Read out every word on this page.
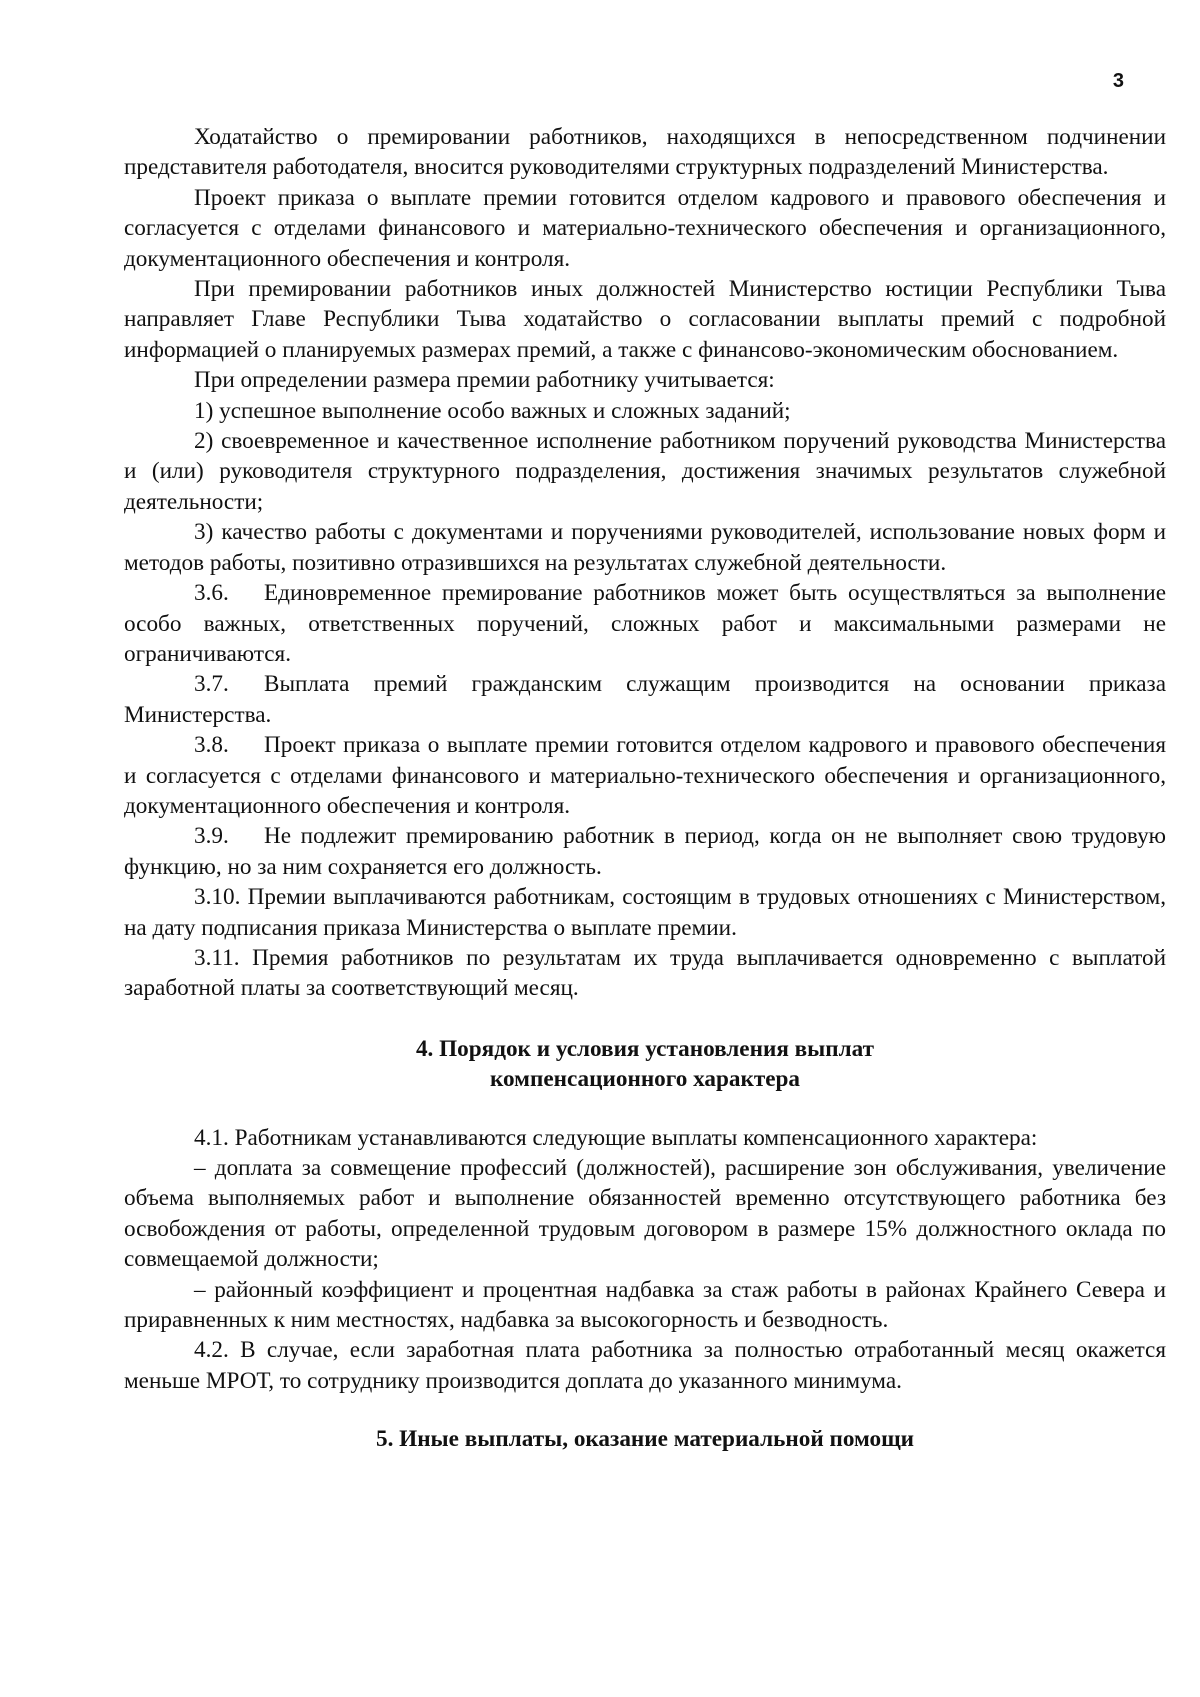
3

Ходатайство о премировании работников, находящихся в непосредственном подчинении представителя работодателя, вносится руководителями структурных подразделений Министерства.

Проект приказа о выплате премии готовится отделом кадрового и правового обеспечения и согласуется с отделами финансового и материально-технического обеспечения и организационного, документационного обеспечения и контроля.

При премировании работников иных должностей Министерство юстиции Республики Тыва направляет Главе Республики Тыва ходатайство о согласовании выплаты премий с подробной информацией о планируемых размерах премий, а также с финансово-экономическим обоснованием.

При определении размера премии работнику учитывается:

1) успешное выполнение особо важных и сложных заданий;

2) своевременное и качественное исполнение работником поручений руководства Министерства и (или) руководителя структурного подразделения, достижения значимых результатов служебной деятельности;

3) качество работы с документами и поручениями руководителей, использование новых форм и методов работы, позитивно отразившихся на результатах служебной деятельности.

3.6. Единовременное премирование работников может быть осуществляться за выполнение особо важных, ответственных поручений, сложных работ и максимальными размерами не ограничиваются.

3.7. Выплата премий гражданским служащим производится на основании приказа Министерства.

3.8. Проект приказа о выплате премии готовится отделом кадрового и правового обеспечения и согласуется с отделами финансового и материально-технического обеспечения и организационного, документационного обеспечения и контроля.

3.9. Не подлежит премированию работник в период, когда он не выполняет свою трудовую функцию, но за ним сохраняется его должность.

3.10. Премии выплачиваются работникам, состоящим в трудовых отношениях с Министерством, на дату подписания приказа Министерства о выплате премии.

3.11. Премия работников по результатам их труда выплачивается одновременно с выплатой заработной платы за соответствующий месяц.

4. Порядок и условия установления выплат

компенсационного характера

4.1. Работникам устанавливаются следующие выплаты компенсационного характера:

– доплата за совмещение профессий (должностей), расширение зон обслуживания, увеличение объема выполняемых работ и выполнение обязанностей временно отсутствующего работника без освобождения от работы, определенной трудовым договором в размере 15% должностного оклада по совмещаемой должности;

– районный коэффициент и процентная надбавка за стаж работы в районах Крайнего Севера и приравненных к ним местностях, надбавка за высокогорность и безводность.

4.2. В случае, если заработная плата работника за полностью отработанный месяц окажется меньше МРОТ, то сотруднику производится доплата до указанного минимума.

5. Иные выплаты, оказание материальной помощи
